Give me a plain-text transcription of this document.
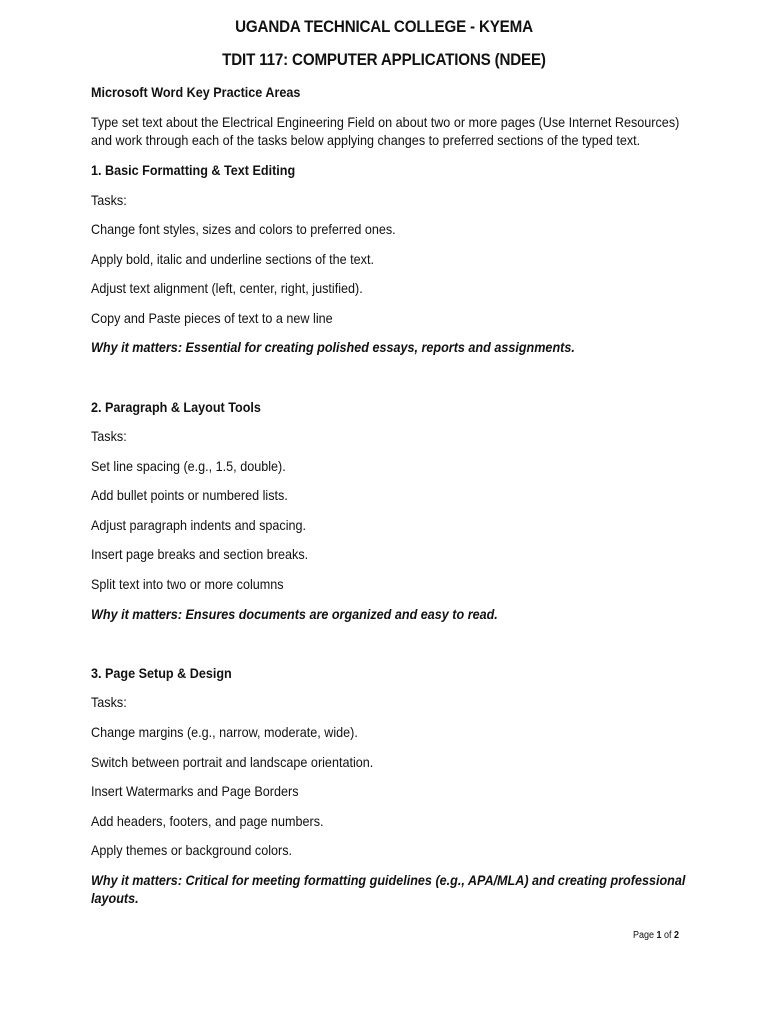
UGANDA TECHNICAL COLLEGE - KYEMA
TDIT 117: COMPUTER APPLICATIONS (NDEE)
Microsoft Word Key Practice Areas
Type set text about the Electrical Engineering Field on about two or more pages (Use Internet Resources)
and work through each of the tasks below applying changes to preferred sections of the typed text.
1. Basic Formatting & Text Editing
Tasks:
Change font styles, sizes and colors to preferred ones.
Apply bold, italic and underline sections of the text.
Adjust text alignment (left, center, right, justified).
Copy and Paste pieces of text to a new line
Why it matters: Essential for creating polished essays, reports and assignments.
2. Paragraph & Layout Tools
Tasks:
Set line spacing (e.g., 1.5, double).
Add bullet points or numbered lists.
Adjust paragraph indents and spacing.
Insert page breaks and section breaks.
Split text into two or more columns
Why it matters: Ensures documents are organized and easy to read.
3. Page Setup & Design
Tasks:
Change margins (e.g., narrow, moderate, wide).
Switch between portrait and landscape orientation.
Insert Watermarks and Page Borders
Add headers, footers, and page numbers.
Apply themes or background colors.
Why it matters: Critical for meeting formatting guidelines (e.g., APA/MLA) and creating professional
layouts.
Page 1 of 2
